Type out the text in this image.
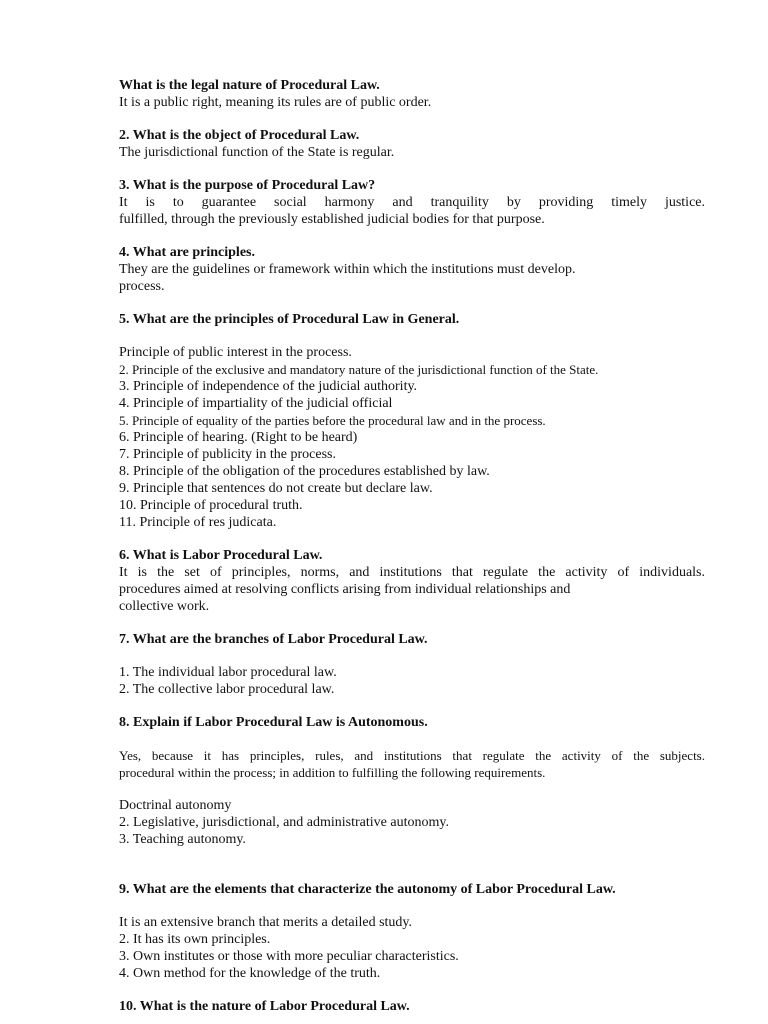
What is the legal nature of Procedural Law.
It is a public right, meaning its rules are of public order.
2. What is the object of Procedural Law.
The jurisdictional function of the State is regular.
3. What is the purpose of Procedural Law?
It is to guarantee social harmony and tranquility by providing timely justice.
fulfilled, through the previously established judicial bodies for that purpose.
4. What are principles.
They are the guidelines or framework within which the institutions must develop.
process.
5. What are the principles of Procedural Law in General.
Principle of public interest in the process.
2. Principle of the exclusive and mandatory nature of the jurisdictional function of the State.
3. Principle of independence of the judicial authority.
4. Principle of impartiality of the judicial official
5. Principle of equality of the parties before the procedural law and in the process.
6. Principle of hearing. (Right to be heard)
7. Principle of publicity in the process.
8. Principle of the obligation of the procedures established by law.
9. Principle that sentences do not create but declare law.
10. Principle of procedural truth.
11. Principle of res judicata.
6. What is Labor Procedural Law.
It is the set of principles, norms, and institutions that regulate the activity of individuals.
procedures aimed at resolving conflicts arising from individual relationships and
collective work.
7. What are the branches of Labor Procedural Law.
1. The individual labor procedural law.
2. The collective labor procedural law.
8. Explain if Labor Procedural Law is Autonomous.
Yes, because it has principles, rules, and institutions that regulate the activity of the subjects.
procedural within the process; in addition to fulfilling the following requirements.
Doctrinal autonomy
2. Legislative, jurisdictional, and administrative autonomy.
3. Teaching autonomy.
9. What are the elements that characterize the autonomy of Labor Procedural Law.
It is an extensive branch that merits a detailed study.
2. It has its own principles.
3. Own institutes or those with more peculiar characteristics.
4. Own method for the knowledge of the truth.
10. What is the nature of Labor Procedural Law.
